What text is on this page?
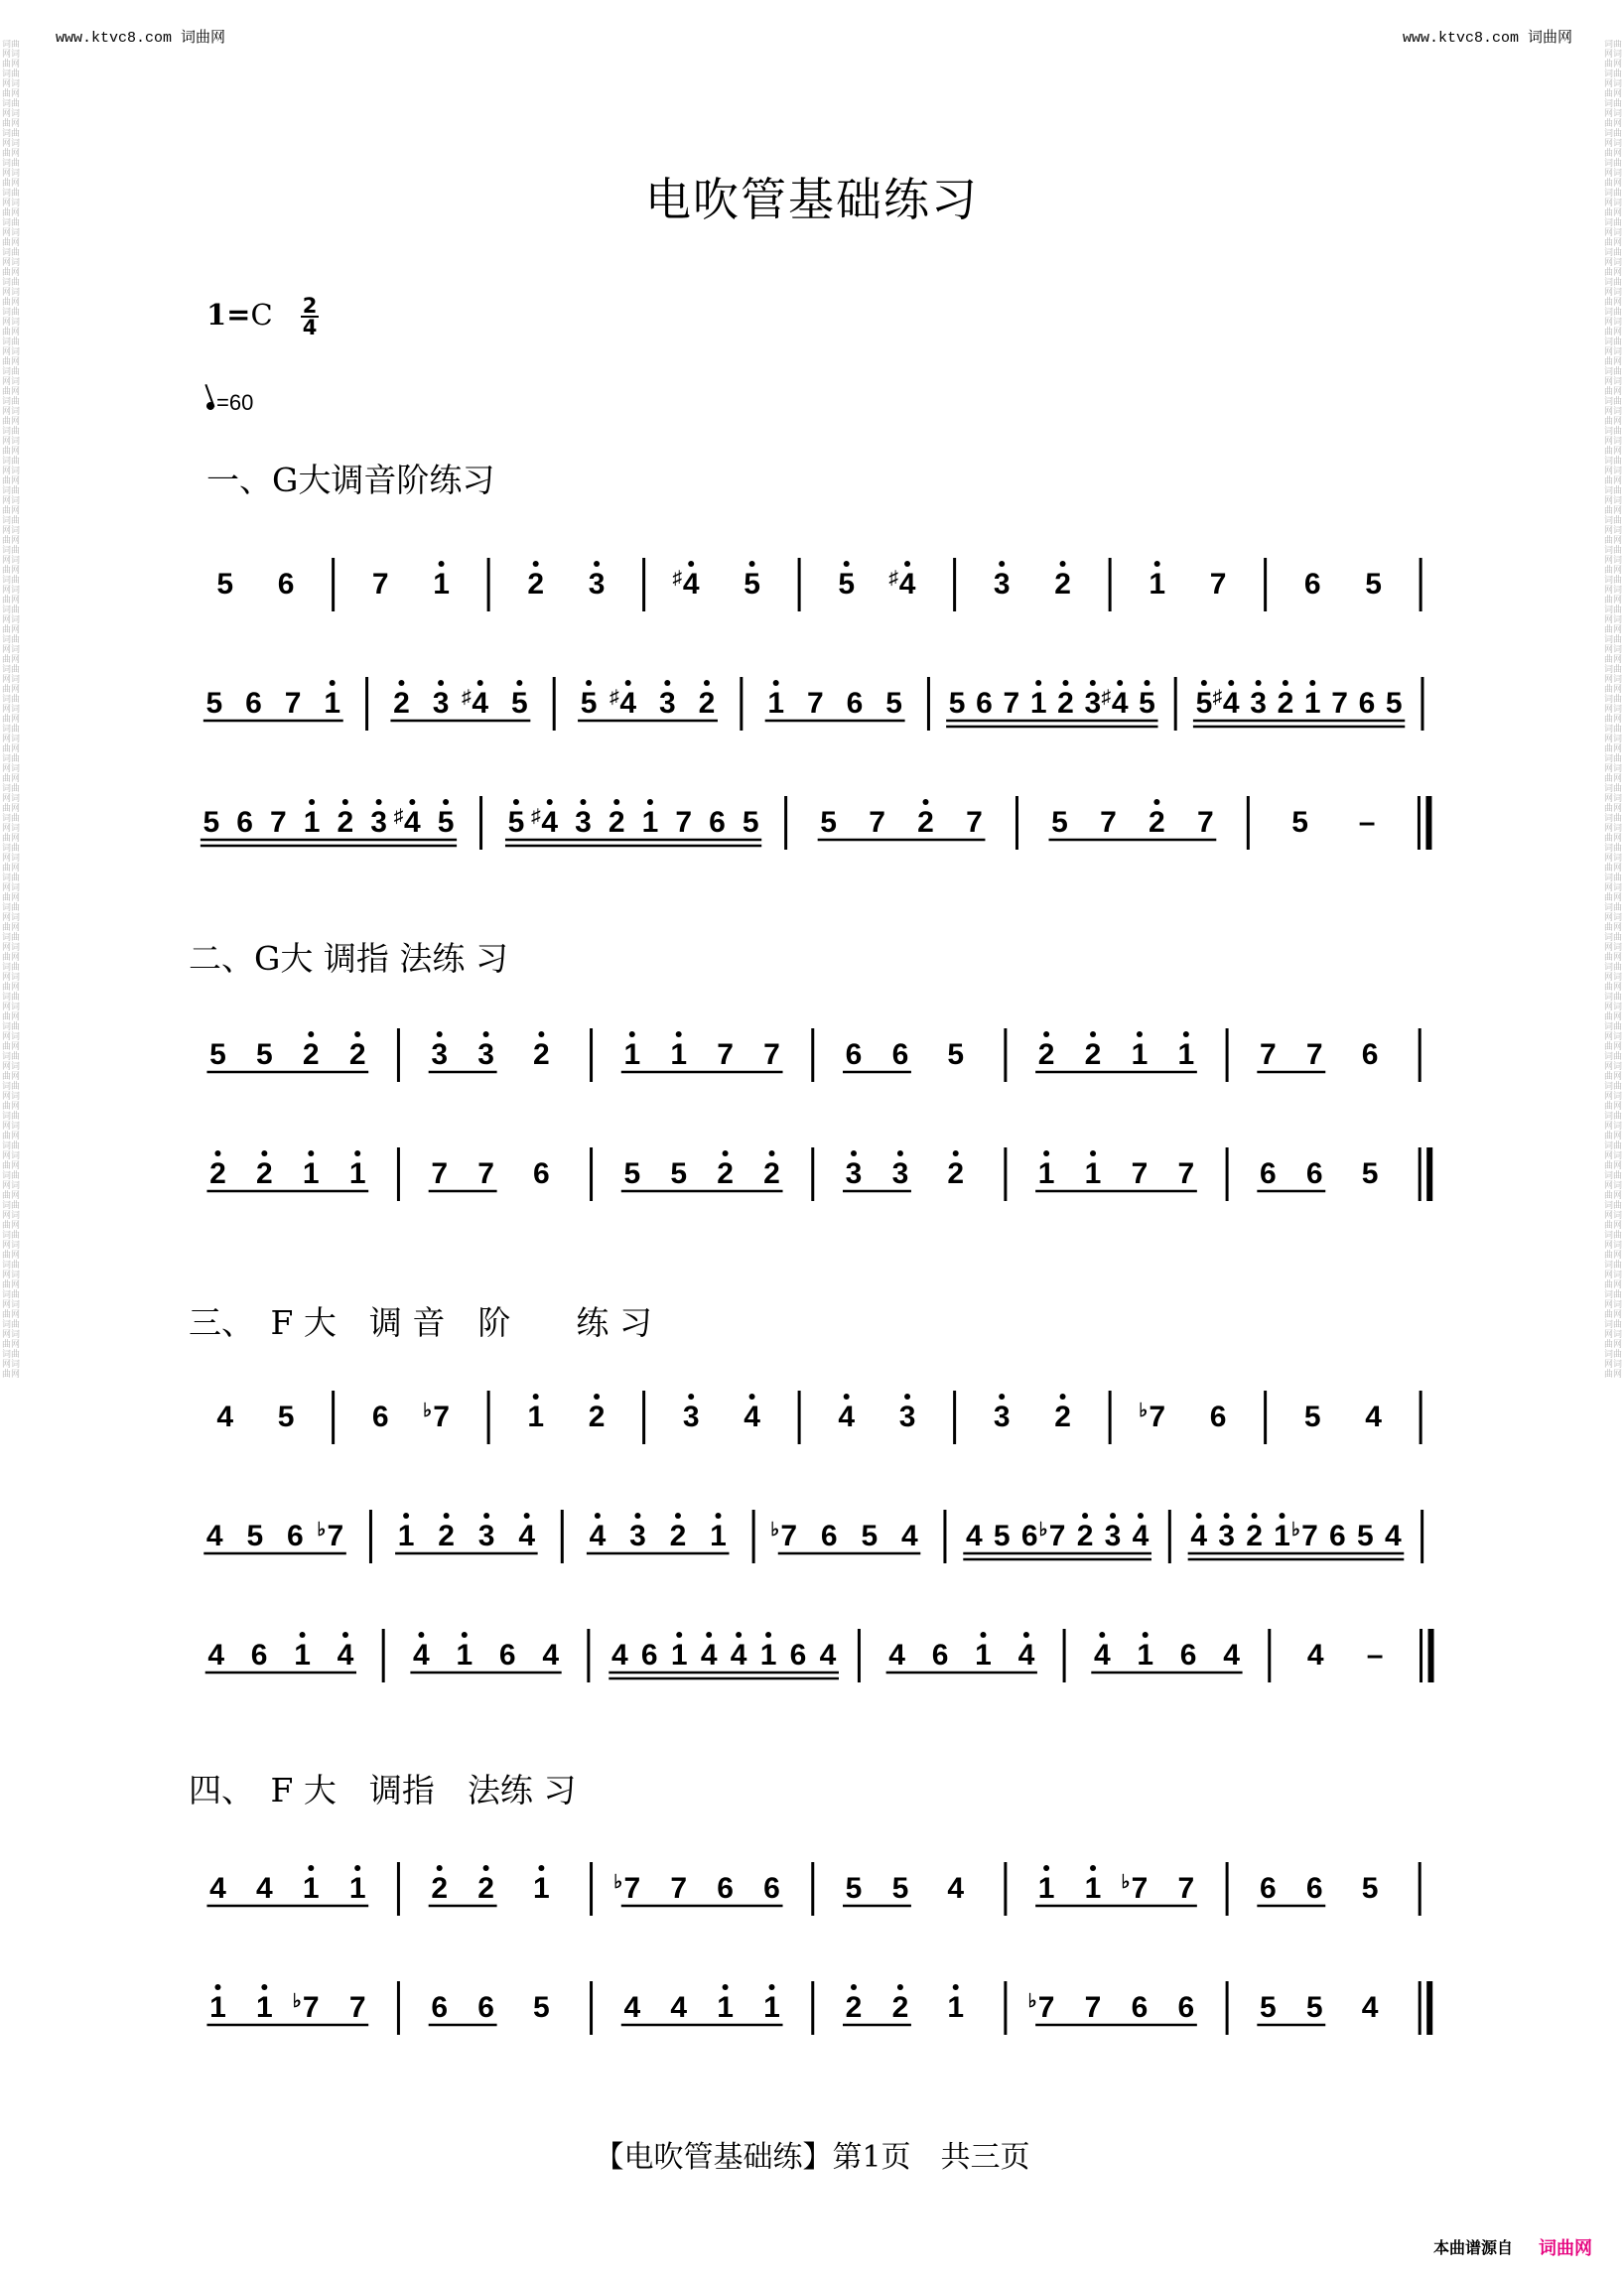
www.ktvc8.com 词曲网	www.ktvc8.com 词曲网
词曲网词曲网词曲网词曲网词曲网词曲网词曲网词曲网词曲网词曲网词曲网词曲网词曲网词曲网词曲网词曲网词曲网词曲网词曲网词曲网词曲网词曲网词曲网词曲网词曲网词曲网词曲网词曲网词曲网词曲网词曲网词曲网词曲网词曲网词曲网词曲网词曲网词曲网词曲网词曲网词曲网词曲网词曲网词曲网词曲网词曲网词曲网词曲网词曲网词曲网词曲网词曲网词曲网词曲网词曲网词曲网词曲网词曲网词曲网词曲网词曲网词曲网词曲网词曲网词曲网词曲网词曲网词曲网词曲网词曲网词曲网词曲网词曲网词曲网词曲网词曲网词曲网词曲网词曲网词曲网词曲网词曲网词曲网词曲网词曲网词曲网词曲网词曲网词曲网词曲网
词曲网词曲网词曲网词曲网词曲网词曲网词曲网词曲网词曲网词曲网词曲网词曲网词曲网词曲网词曲网词曲网词曲网词曲网词曲网词曲网词曲网词曲网词曲网词曲网词曲网词曲网词曲网词曲网词曲网词曲网词曲网词曲网词曲网词曲网词曲网词曲网词曲网词曲网词曲网词曲网词曲网词曲网词曲网词曲网词曲网词曲网词曲网词曲网词曲网词曲网词曲网词曲网词曲网词曲网词曲网词曲网词曲网词曲网词曲网词曲网词曲网词曲网词曲网词曲网词曲网词曲网词曲网词曲网词曲网词曲网词曲网词曲网词曲网词曲网词曲网词曲网词曲网词曲网词曲网词曲网词曲网词曲网词曲网词曲网词曲网词曲网词曲网词曲网词曲网词曲网
电吹管基础练习
$1=C \frac{2}{4}$
=60
一、G大调音阶练习
二、G大 调指 法练 习
三、　F 大　调 音　阶　　练 习
四、　F 大　调指　法练 习
5 6	7 1	2 3	♯ 4 5	5 ♯ 4	3 2	1 7	6 5
5 6 7 1 2 3 ♯ 4 5 5 ♯ 4 3 2 1 7 6 5 5 6 7 1 2 3 ♯ 4 5 5 ♯ 4 3 2 1 7 6 5
5 6 7 1 2 3 ♯ 4 5 5 ♯ 4 3 2 1 7 6 5 5 7 2 7 5 7 2 7	5 –
5 5 2 2 3 3 2 1 1 7 7 6 6 5 2 2 1 1 7 7 6
2 2 1 1 7 7 6 5 5 2 2 3 3 2 1 1 7 7 6 6 5
4 5	6 ♭ 7	1 2	3 4	4 3	3 2	♭ 7 6	5 4
4 5 6 ♭ 7 1 2 3 4 4 3 2 1 ♭ 7 6 5 4 4 5 6 ♭ 7 2 3 4 4 3 2 1 ♭ 7 6 5 4
4 6 1 4 4 1 6 4 4 6 1 4 4 1 6 4 4 6 1 4 4 1 6 4 4 –
4 4 1 1 2 2 1	♭ 7 7 6 6 5 5 4 1 1 ♭ 7 7 6 6 5
1 1 ♭ 7 7 6 6 5 4 4 1 1 2 2 1	♭ 7 7 6 6 5 5 4
【电吹管基础练】第1页　共三页
本曲谱源自 词曲网
